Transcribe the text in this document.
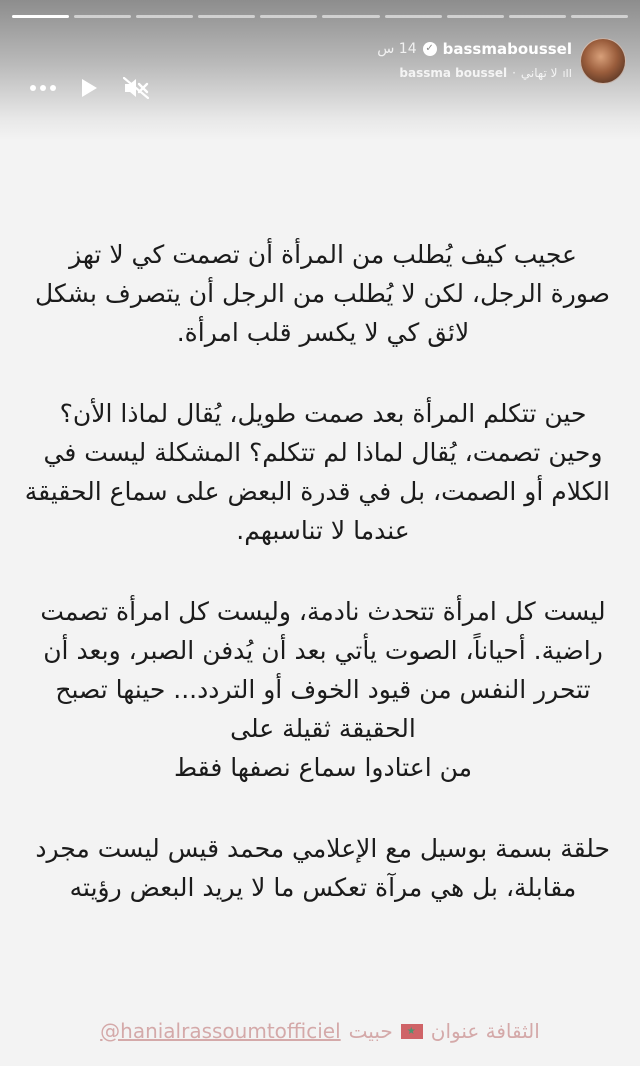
bassmaboussel
✓
14 س
ıII
لا تهاني
·
bassma boussel

عجيب كيف يُطلب من المرأة أن تصمت كي لا تهز
صورة الرجل، لكن لا يُطلب من الرجل أن يتصرف بشكل
لائق كي لا يكسر قلب امرأة.

حين تتكلم المرأة بعد صمت طويل، يُقال لماذا الأن؟
وحين تصمت، يُقال لماذا لم تتكلم؟ المشكلة ليست في
الكلام أو الصمت، بل في قدرة البعض على سماع الحقيقة
عندما لا تناسبهم.

ليست كل امرأة تتحدث نادمة، وليست كل امرأة تصمت
راضية. أحياناً، الصوت يأتي بعد أن يُدفن الصبر، وبعد أن
تتحرر النفس من قيود الخوف أو التردد... حينها تصبح
الحقيقة ثقيلة على
من اعتادوا سماع نصفها فقط

حلقة بسمة بوسيل مع الإعلامي محمد قيس ليست مجرد
مقابلة، بل هي مرآة تعكس ما لا يريد البعض رؤيته

الثقافة عنوان
★
حبيت
@hanialrassoumtofficiel
